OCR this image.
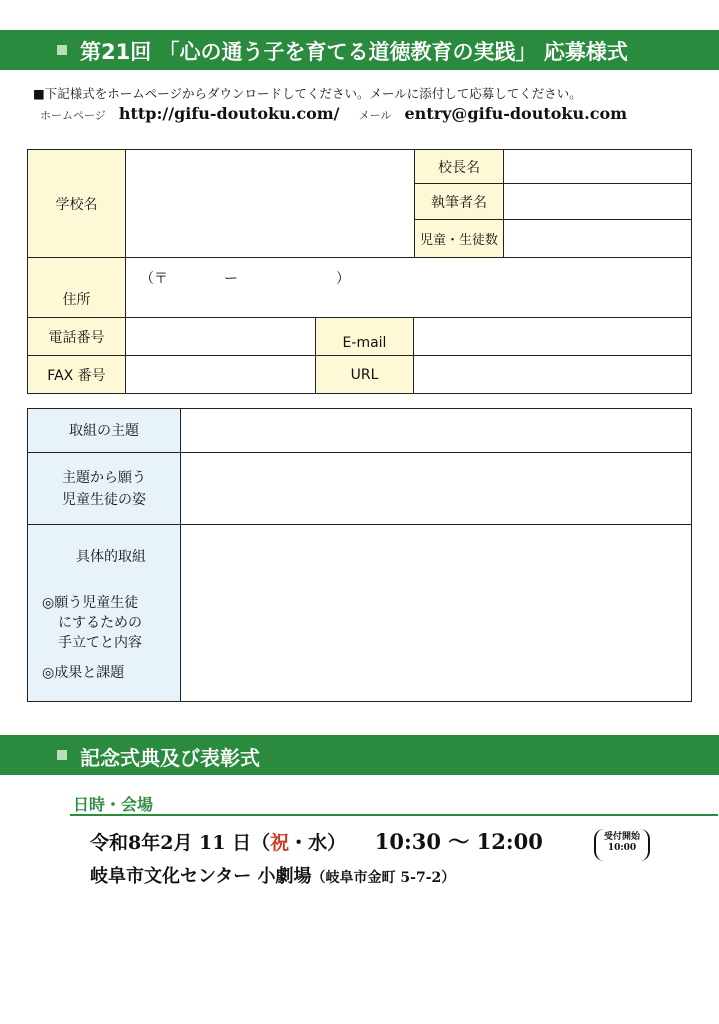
第21回 「心の通う子を育てる道徳教育の実践」 応募様式
■下記様式をホームページからダウンロードしてください。メールに添付して応募してください。
ホームページ http://gifu-doutoku.com/ メール entry@gifu-doutoku.com
学校名			校長名	
			執筆者名	
			児童・生徒数	
住所	（〒　　　　ー　　　　　　　）			
電話番号		E-mail		
FAX 番号		URL		
取組の主題	

主題から願う
児童生徒の姿	

具体的取組
◎願う児童生徒
にするための
手立てと内容
◎成果と課題	

記念式典及び表彰式
日時・会場
令和8年2月 11 日（祝・水） 10:30 ～ 12:00	受付開始
10:00
岐阜市文化センター 小劇場（岐阜市金町 5-7-2）
